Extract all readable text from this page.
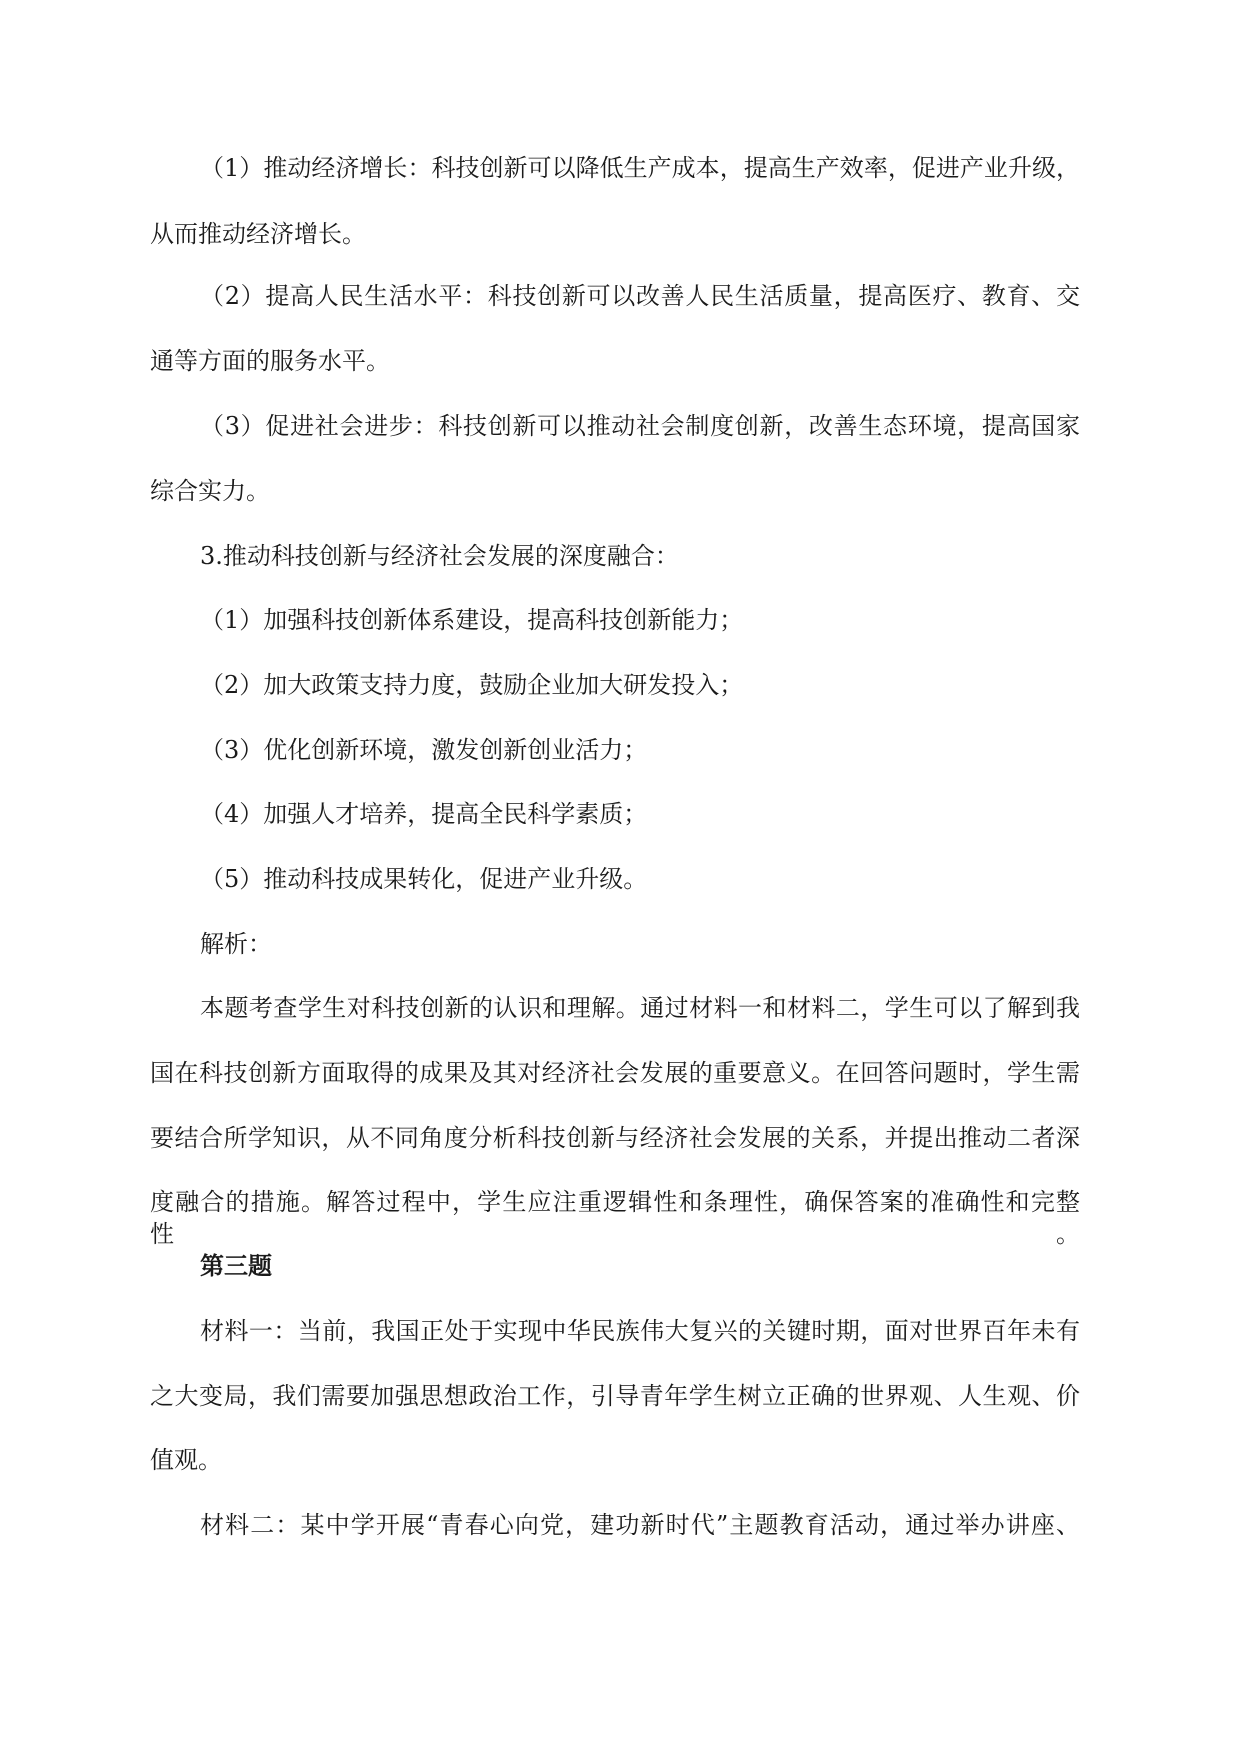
（1）推动经济增长：科技创新可以降低生产成本，提高生产效率，促进产业升级，
从而推动经济增长。
（2）提高人民生活水平：科技创新可以改善人民生活质量，提高医疗、教育、交
通等方面的服务水平。
（3）促进社会进步：科技创新可以推动社会制度创新，改善生态环境，提高国家
综合实力。
3.推动科技创新与经济社会发展的深度融合：
（1）加强科技创新体系建设，提高科技创新能力；
（2）加大政策支持力度，鼓励企业加大研发投入；
（3）优化创新环境，激发创新创业活力；
（4）加强人才培养，提高全民科学素质；
（5）推动科技成果转化，促进产业升级。
解析：
本题考查学生对科技创新的认识和理解。通过材料一和材料二，学生可以了解到我
国在科技创新方面取得的成果及其对经济社会发展的重要意义。在回答问题时，学生需
要结合所学知识，从不同角度分析科技创新与经济社会发展的关系，并提出推动二者深
度融合的措施。解答过程中，学生应注重逻辑性和条理性，确保答案的准确性和完整性。
第三题
材料一：当前，我国正处于实现中华民族伟大复兴的关键时期，面对世界百年未有
之大变局，我们需要加强思想政治工作，引导青年学生树立正确的世界观、人生观、价
值观。
材料二：某中学开展“青春心向党，建功新时代”主题教育活动，通过举办讲座、
